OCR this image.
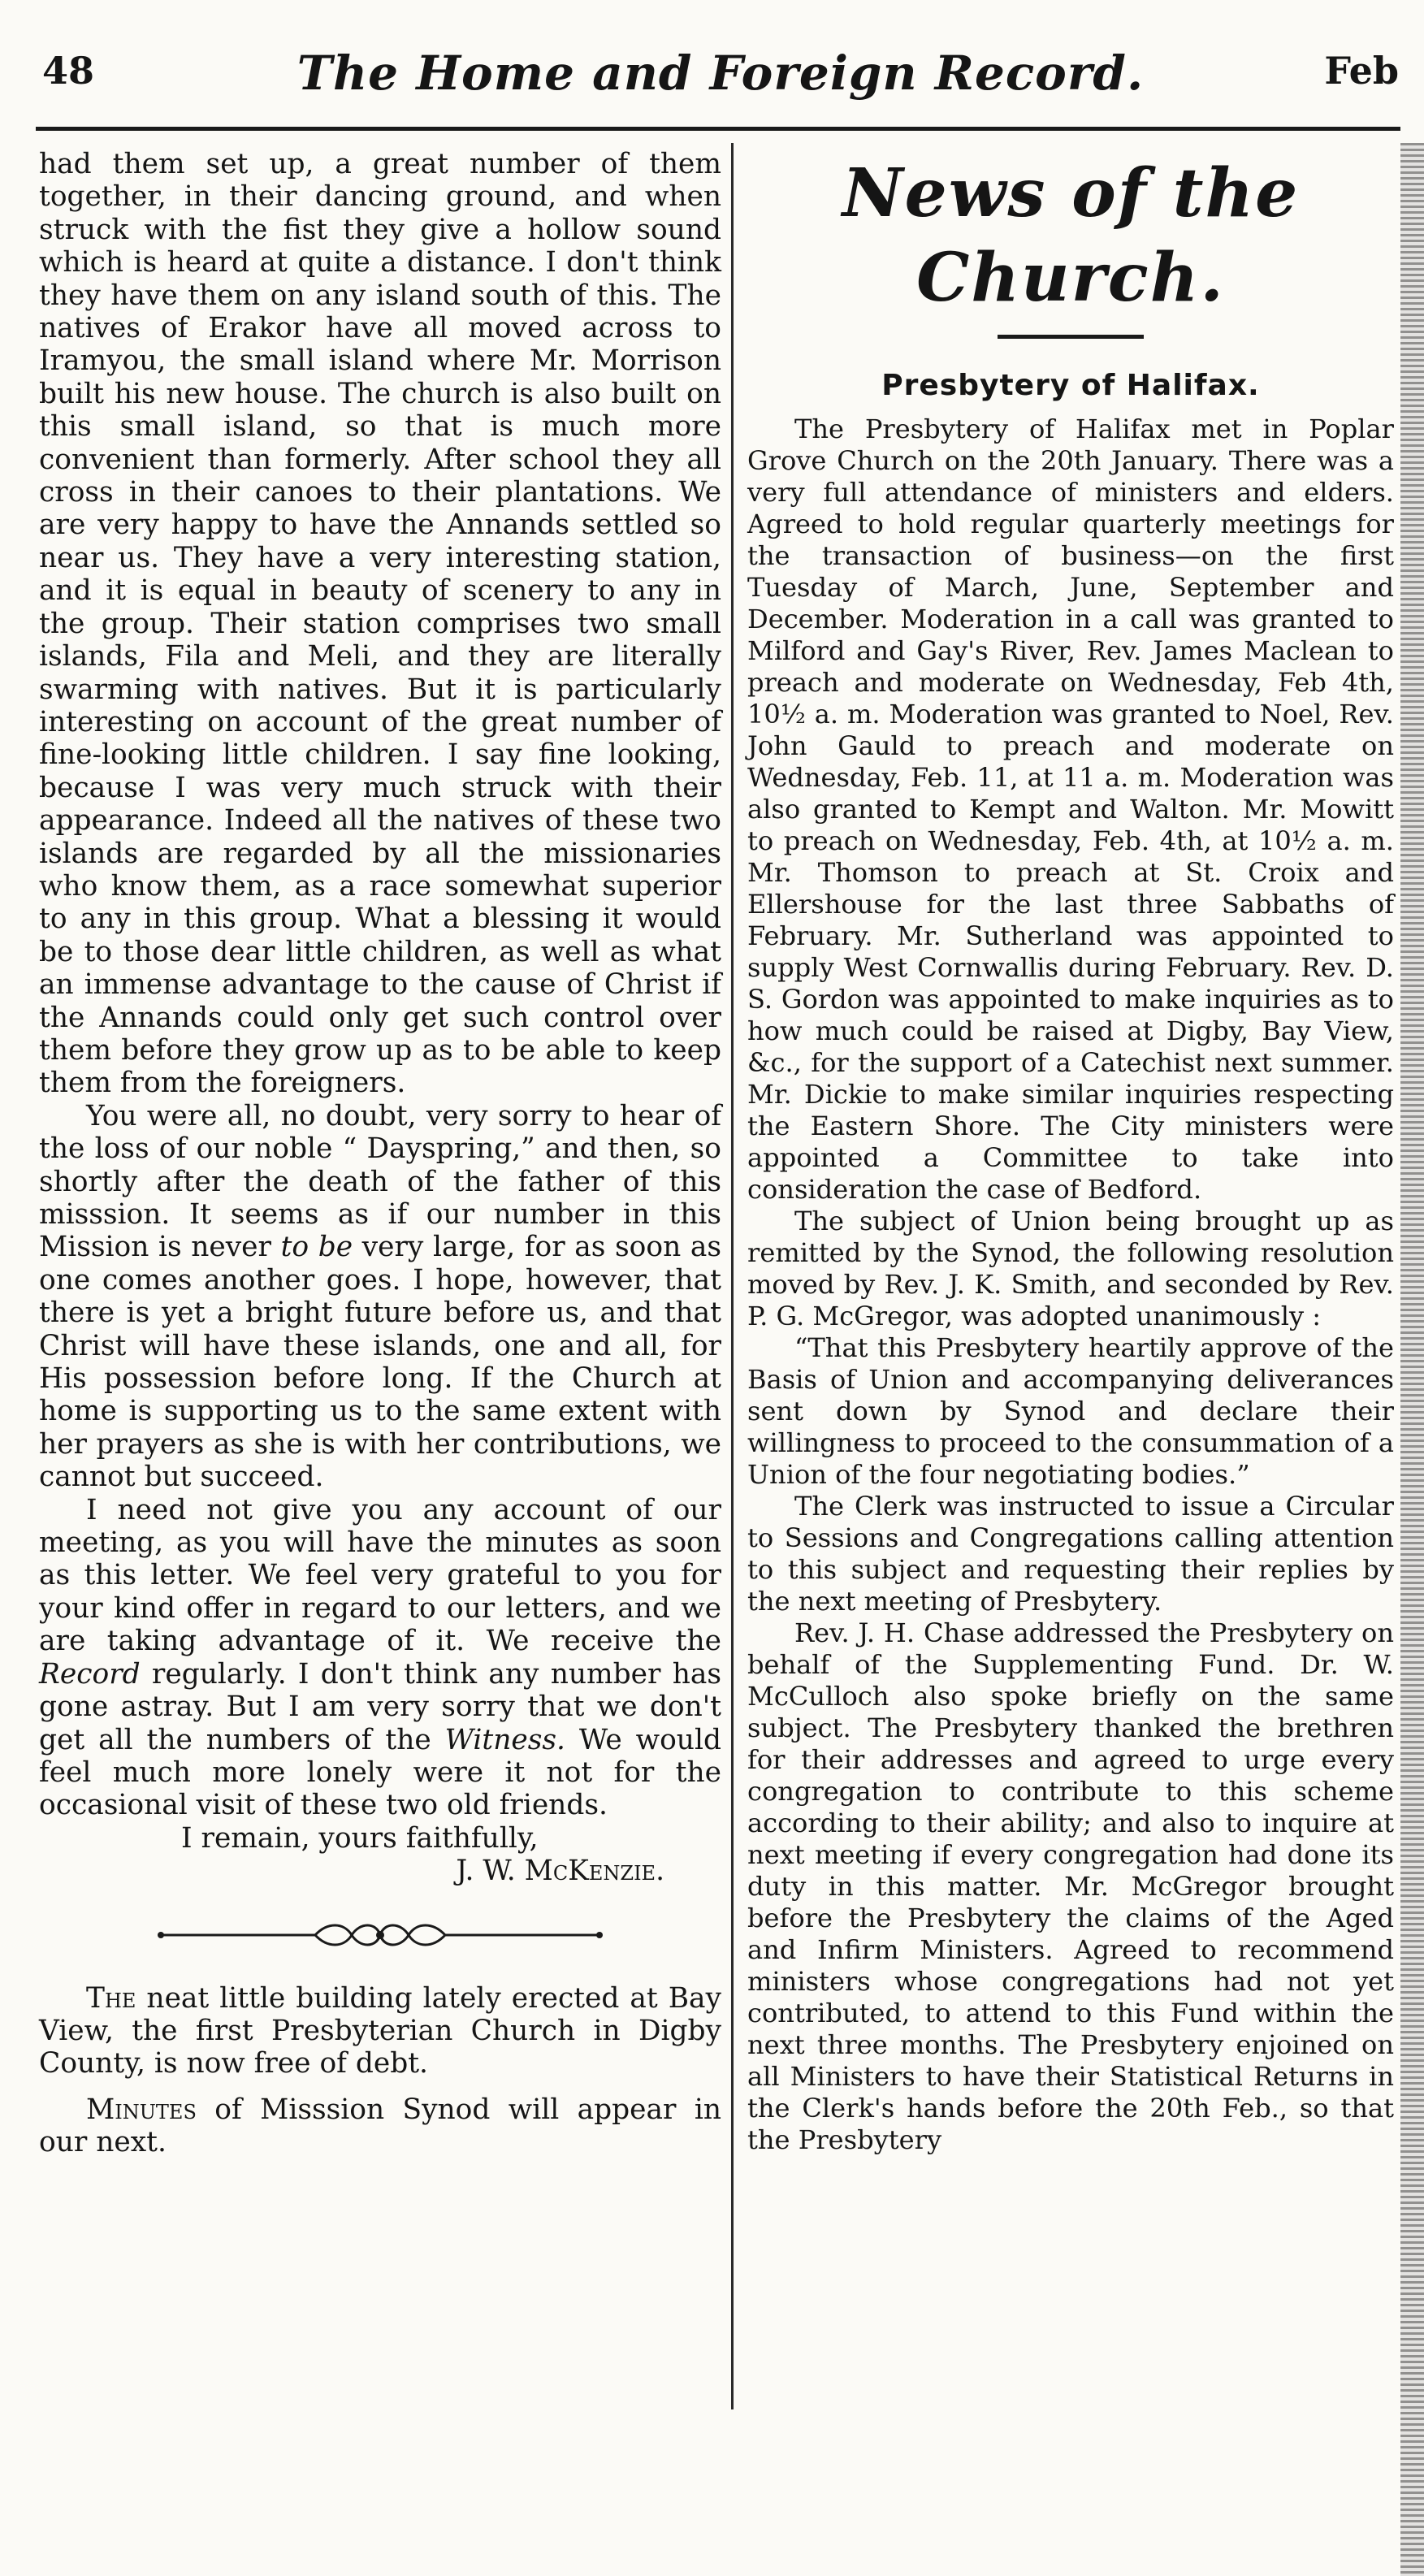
48	The Home and Foreign Record.	Feb

had them set up, a great number of them together, in their dancing ground, and when struck with the fist they give a hollow sound which is heard at quite a distance. I don't think they have them on any island south of this. The natives of Erakor have all moved across to Iramyou, the small island where Mr. Morrison built his new house. The church is also built on this small island, so that is much more convenient than formerly. After school they all cross in their canoes to their plantations. We are very happy to have the Annands settled so near us. They have a very interesting station, and it is equal in beauty of scenery to any in the group. Their station comprises two small islands, Fila and Meli, and they are literally swarming with natives. But it is particularly interesting on account of the great number of fine-looking little children. I say fine looking, because I was very much struck with their appearance. Indeed all the natives of these two islands are regarded by all the missionaries who know them, as a race somewhat superior to any in this group. What a blessing it would be to those dear little children, as well as what an immense advantage to the cause of Christ if the Annands could only get such control over them before they grow up as to be able to keep them from the foreigners.

You were all, no doubt, very sorry to hear of the loss of our noble “ Dayspring,” and then, so shortly after the death of the father of this misssion. It seems as if our number in this Mission is never to be very large, for as soon as one comes another goes. I hope, however, that there is yet a bright future before us, and that Christ will have these islands, one and all, for His possession before long. If the Church at home is supporting us to the same extent with her prayers as she is with her contributions, we cannot but succeed.

I need not give you any account of our meeting, as you will have the minutes as soon as this letter. We feel very grateful to you for your kind offer in regard to our letters, and we are taking advantage of it. We receive the Record regularly. I don't think any number has gone astray. But I am very sorry that we don't get all the numbers of the Witness. We would feel much more lonely were it not for the occasional visit of these two old friends.

I remain, yours faithfully,

J. W. McKenzie.

The neat little building lately erected at Bay View, the first Presbyterian Church in Digby County, is now free of debt.

Minutes of Misssion Synod will appear in our next.

News of the Church.
Presbytery of Halifax.

The Presbytery of Halifax met in Poplar Grove Church on the 20th January. There was a very full attendance of ministers and elders. Agreed to hold regular quarterly meetings for the transaction of business—on the first Tuesday of March, June, September and December. Moderation in a call was granted to Milford and Gay's River, Rev. James Maclean to preach and moderate on Wednesday, Feb 4th, 10½ a. m. Moderation was granted to Noel, Rev. John Gauld to preach and moderate on Wednesday, Feb. 11, at 11 a. m. Moderation was also granted to Kempt and Walton. Mr. Mowitt to preach on Wednesday, Feb. 4th, at 10½ a. m. Mr. Thomson to preach at St. Croix and Ellershouse for the last three Sabbaths of February. Mr. Sutherland was appointed to supply West Cornwallis during February. Rev. D. S. Gordon was appointed to make inquiries as to how much could be raised at Digby, Bay View, &c., for the support of a Catechist next summer. Mr. Dickie to make similar inquiries respecting the Eastern Shore. The City ministers were appointed a Committee to take into consideration the case of Bedford.

The subject of Union being brought up as remitted by the Synod, the following resolution moved by Rev. J. K. Smith, and seconded by Rev. P. G. McGregor, was adopted unanimously :

“That this Presbytery heartily approve of the Basis of Union and accompanying deliverances sent down by Synod and declare their willingness to proceed to the consummation of a Union of the four negotiating bodies.”

The Clerk was instructed to issue a Circular to Sessions and Congregations calling attention to this subject and requesting their replies by the next meeting of Presbytery.

Rev. J. H. Chase addressed the Presbytery on behalf of the Supplementing Fund. Dr. W. McCulloch also spoke briefly on the same subject. The Presbytery thanked the brethren for their addresses and agreed to urge every congregation to contribute to this scheme according to their ability; and also to inquire at next meeting if every congregation had done its duty in this matter. Mr. McGregor brought before the Presbytery the claims of the Aged and Infirm Ministers. Agreed to recommend ministers whose congregations had not yet contributed, to attend to this Fund within the next three months. The Presbytery enjoined on all Ministers to have their Statistical Returns in the Clerk's hands before the 20th Feb., so that the Presbytery
